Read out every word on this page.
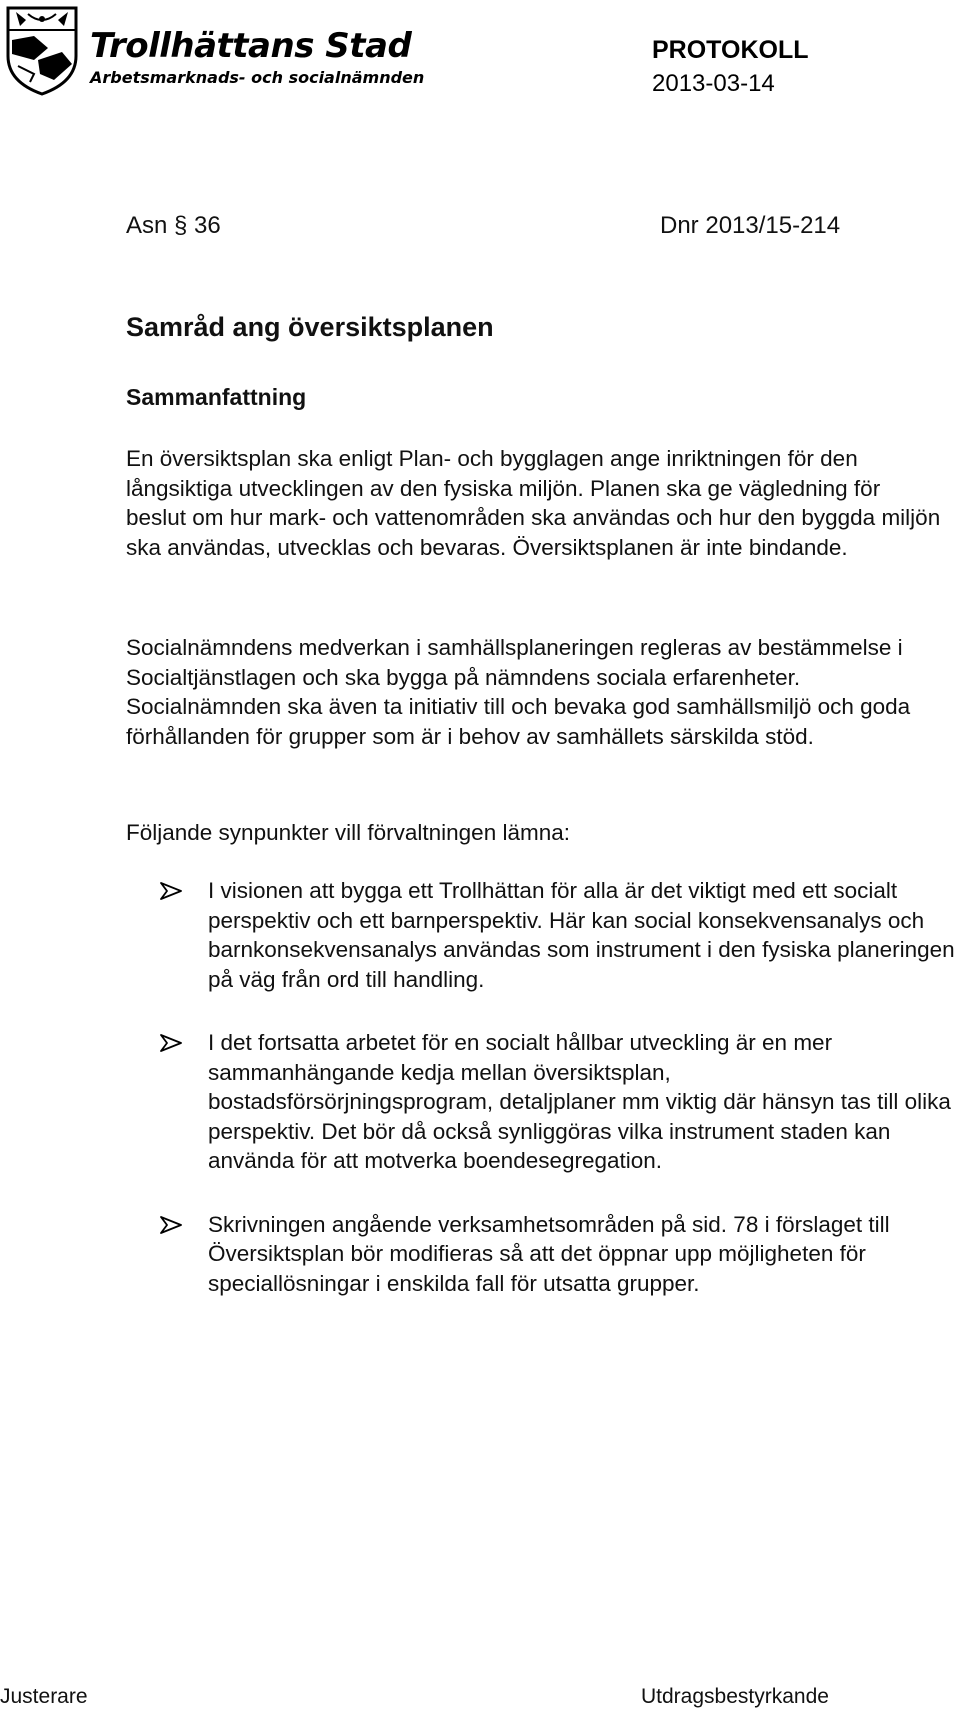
Trollhättans Stad
Arbetsmarknads- och socialnämnden
PROTOKOLL
2013-03-14
Asn § 36	Dnr 2013/15-214
Samråd ang översiktsplanen
Sammanfattning

En översiktsplan ska enligt Plan- och bygglagen ange inriktningen för den långsiktiga utvecklingen av den fysiska miljön. Planen ska ge vägledning för beslut om hur mark- och vattenområden ska användas och hur den byggda miljön ska användas, utvecklas och bevaras. Översiktsplanen är inte bindande.

Socialnämndens medverkan i samhällsplaneringen regleras av bestämmelse i Socialtjänstlagen och ska bygga på nämndens sociala erfarenheter. Socialnämnden ska även ta initiativ till och bevaka god samhällsmiljö och goda förhållanden för grupper som är i behov av samhällets särskilda stöd.

Följande synpunkter vill förvaltningen lämna:

I visionen att bygga ett Trollhättan för alla är det viktigt med ett socialt perspektiv och ett barnperspektiv. Här kan social konsekvensanalys och barnkonsekvensanalys användas som instrument i den fysiska planeringen på väg från ord till handling.
I det fortsatta arbetet för en socialt hållbar utveckling är en mer sammanhängande kedja mellan översiktsplan, bostadsförsörjningsprogram, detaljplaner mm viktig där hänsyn tas till olika perspektiv. Det bör då också synliggöras vilka instrument staden kan använda för att motverka boendesegregation.
Skrivningen angående verksamhetsområden på sid. 78 i förslaget till Översiktsplan bör modifieras så att det öppnar upp möjligheten för speciallösningar i enskilda fall för utsatta grupper.
Justerare	Utdragsbestyrkande
